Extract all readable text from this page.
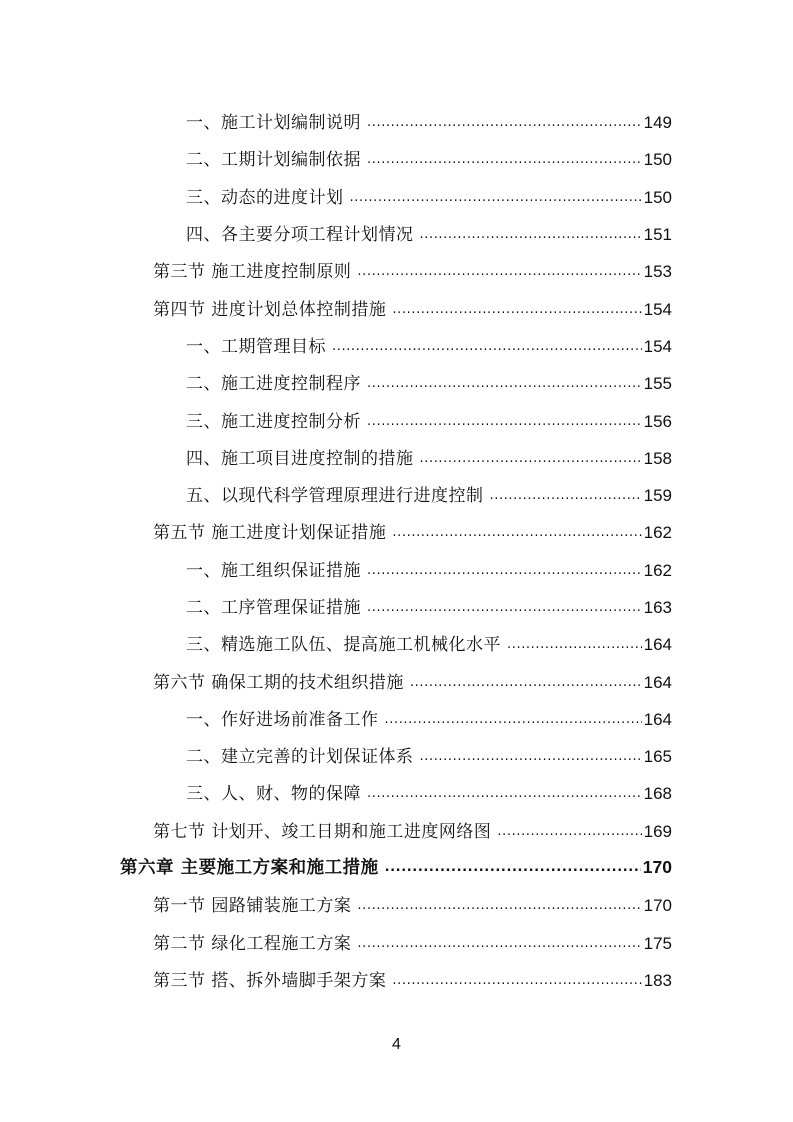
一、施工计划编制说明 .....	149
二、工期计划编制依据 .....	150
三、动态的进度计划 .....	150
四、各主要分项工程计划情况 .....	151
第三节 施工进度控制原则 .....	153
第四节 进度计划总体控制措施 .....	154
一、工期管理目标 .....	154
二、施工进度控制程序 .....	155
三、施工进度控制分析 .....	156
四、施工项目进度控制的措施 .....	158
五、以现代科学管理原理进行进度控制 .....	159
第五节 施工进度计划保证措施 .....	162
一、施工组织保证措施 .....	162
二、工序管理保证措施 .....	163
三、精选施工队伍、提高施工机械化水平 .....	164
第六节 确保工期的技术组织措施 .....	164
一、作好进场前准备工作 .....	164
二、建立完善的计划保证体系 .....	165
三、人、财、物的保障 .....	168
第七节 计划开、竣工日期和施工进度网络图 .....	169
第六章 主要施工方案和施工措施 .....	170
第一节 园路铺装施工方案 .....	170
第二节 绿化工程施工方案 .....	175
第三节 搭、拆外墙脚手架方案 .....	183
4
